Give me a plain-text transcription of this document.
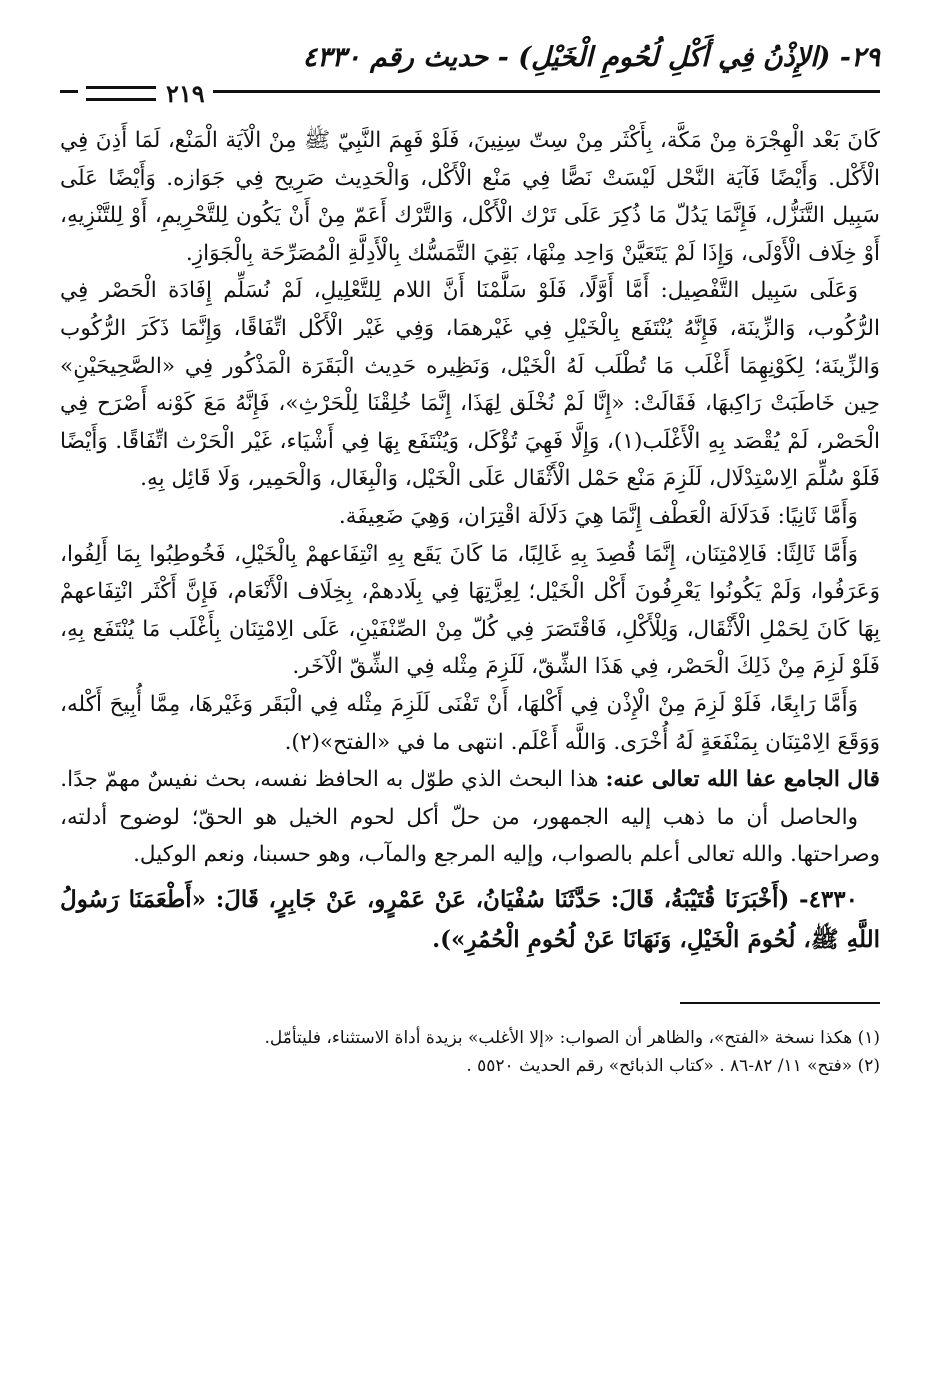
٢٩- (الإِذْنُ فِي أَكْلِ لُحُومِ الْخَيْلِ) - حديث رقم ٤٣٣٠
٢١٩

كَانَ بَعْد الْهِجْرَة مِنْ مَكَّة، بِأَكْثَر مِنْ سِتّ سِنِينَ، فَلَوْ فَهِمَ النَّبِيّ ﷺ مِنْ الْآيَة الْمَنْع، لَمَا أَذِنَ فِي الْأَكْل. وَأَيْضًا فَآيَة النَّحْل لَيْسَتْ نَصًّا فِي مَنْع الْأَكْل، وَالْحَدِيث صَرِيح فِي جَوَازه. وَأَيْضًا عَلَى سَبِيل التَّنَزُّل، فَإِنَّمَا يَدُلّ مَا ذُكِرَ عَلَى تَرْك الْأَكْل، وَالتَّرْك أَعَمّ مِنْ أَنْ يَكُون لِلتَّحْرِيمِ، أَوْ لِلتَّنْزِيهِ، أَوْ خِلَاف الْأَوْلَى، وَإِذَا لَمْ يَتَعَيَّنْ وَاحِد مِنْهَا، بَقِيَ التَّمَسُّك بِالْأَدِلَّةِ الْمُصَرِّحَة بِالْجَوَازِ.

وَعَلَى سَبِيل التَّفْصِيل: أَمَّا أَوَّلًا، فَلَوْ سَلَّمْنَا أَنَّ اللام لِلتَّعْلِيلِ، لَمْ نُسَلِّم إِفَادَة الْحَصْر فِي الرُّكُوب، وَالزِّينَة، فَإِنَّهُ يُنْتَفَع بِالْخَيْلِ فِي غَيْرهمَا، وَفِي غَيْر الْأَكْل اتِّفَاقًا، وَإِنَّمَا ذَكَرَ الرُّكُوب وَالزِّينَة؛ لِكَوْنِهِمَا أَغْلَب مَا تُطْلَب لَهُ الْخَيْل، وَنَظِيره حَدِيث الْبَقَرَة الْمَذْكُور فِي «الصَّحِيحَيْنِ» حِين خَاطَبَتْ رَاكِبهَا، فَقَالَتْ: «إِنَّا لَمْ نُخْلَق لِهَذَا، إِنَّمَا خُلِقْنَا لِلْحَرْثِ»، فَإِنَّهُ مَعَ كَوْنه أَصْرَح فِي الْحَصْر، لَمْ يُقْصَد بِهِ الْأَغْلَب(١)، وَإِلَّا فَهِيَ تُؤْكَل، وَيُنْتَفَع بِهَا فِي أَشْيَاء، غَيْر الْحَرْث اتِّفَاقًا. وَأَيْضًا فَلَوْ سُلِّمَ الِاسْتِدْلَال، لَلَزِمَ مَنْع حَمْل الْأَثْقَال عَلَى الْخَيْل، وَالْبِغَال، وَالْحَمِير، وَلَا قَائِل بِهِ.

وَأَمَّا ثَانِيًا: فَدَلَالَة الْعَطْف إِنَّمَا هِيَ دَلَالَة اقْتِرَان، وَهِيَ ضَعِيفَة.

وَأَمَّا ثَالِثًا: فَالِامْتِنَان، إِنَّمَا قُصِدَ بِهِ غَالِبًا، مَا كَانَ يَقَع بِهِ انْتِفَاعهمْ بِالْخَيْلِ، فَخُوطِبُوا بِمَا أَلِفُوا، وَعَرَفُوا، وَلَمْ يَكُونُوا يَعْرِفُونَ أَكْل الْخَيْل؛ لِعِزَّتِهَا فِي بِلَادهمْ، بِخِلَاف الْأَنْعَام، فَإِنَّ أَكْثَر انْتِفَاعهمْ بِهَا كَانَ لِحَمْلِ الْأَثْقَال، وَلِلْأَكْلِ، فَاقْتَصَرَ فِي كُلّ مِنْ الصِّنْفَيْنِ، عَلَى الِامْتِنَان بِأَغْلَب مَا يُنْتَفَع بِهِ، فَلَوْ لَزِمَ مِنْ ذَلِكَ الْحَصْر، فِي هَذَا الشِّقّ، لَلَزِمَ مِثْله فِي الشِّقّ الْآخَر.

وَأَمَّا رَابِعًا، فَلَوْ لَزِمَ مِنْ الْإِذْن فِي أَكْلهَا، أَنْ تَفْنَى لَلَزِمَ مِثْله فِي الْبَقَر وَغَيْرهَا، مِمَّا أُبِيحَ أَكْله، وَوَقَعَ الِامْتِنَان بِمَنْفَعَةٍ لَهُ أُخْرَى. وَاللَّه أَعْلَم. انتهى ما في «الفتح»(٢).

قال الجامع عفا الله تعالى عنه: هذا البحث الذي طوّل به الحافظ نفسه، بحث نفيسٌ مهمّ جدًا.

والحاصل أن ما ذهب إليه الجمهور، من حلّ أكل لحوم الخيل هو الحقّ؛ لوضوح أدلته، وصراحتها. والله تعالى أعلم بالصواب، وإليه المرجع والمآب، وهو حسبنا، ونعم الوكيل.

٤٣٣٠- (أَخْبَرَنَا قُتَيْبَةُ، قَالَ: حَدَّثَنَا سُفْيَانُ، عَنْ عَمْرٍو، عَنْ جَابِرٍ، قَالَ: «أَطْعَمَنَا رَسُولُ اللَّهِ ﷺ، لُحُومَ الْخَيْلِ، وَنَهَانَا عَنْ لُحُومِ الْحُمُرِ»).

(١) هكذا نسخة «الفتح»، والظاهر أن الصواب: «إلا الأغلب» بزيدة أداة الاستثناء، فليتأمّل.

(٢) «فتح» ١١/ ٨٢-٨٦ . «كتاب الذبائح» رقم الحديث ٥٥٢٠ .
